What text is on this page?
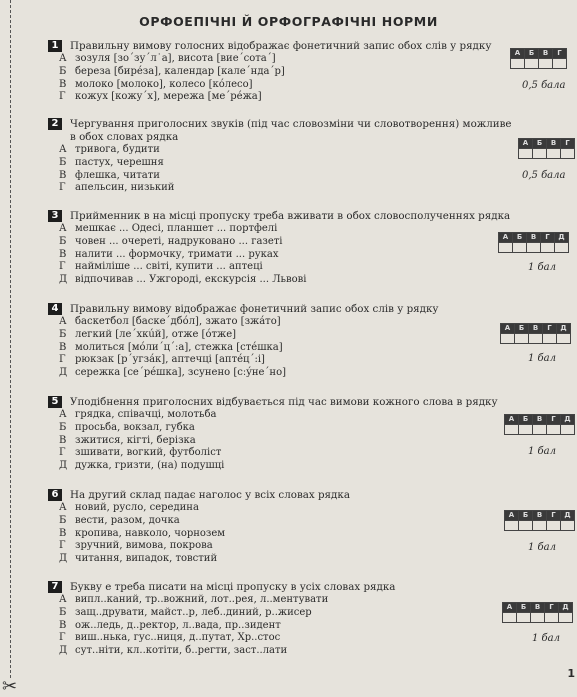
✂
ОРФОЕПІЧНІ Й ОРФОГРАФІЧНІ НОРМИ
1	Правильну вимову голосних відображає фонетичний запис обох слів у рядку
А зозуля [зоˊзуˊл˙а], висота [виеˊсотаˊ]
Б береза [бирéза], календар [калеˊндаˊр]
В молоко [молоко], колесо [кóлесо]
Г кожух [кожуˊх], мережа [меˊрéжа]
2	Чергування приголосних звуків (під час словозміни чи словотворення) можливе в обох словах рядка
А тривога, будити
Б пастух, черешня
В флешка, читати
Г апельсин, низький
3	Прийменник в на місці пропуску треба вживати в обох словосполученнях рядка
А мешкає ... Одесі, планшет ... портфелі
Б човен ... очереті, надруковано ... газеті
В налити ... формочку, тримати ... руках
Г найміліше ... світі, купити ... аптеці
Д відпочивав ... Ужгороді, екскурсія ... Львові
4	Правильну вимову відображає фонетичний запис обох слів у рядку
А баскетбол [баскеˊдбóл], зжато [зжáто]
Б легкий [леˊхкúй], отже [óтже]
В молиться [мóлиˊцˊ:а], стежка [стéшка]
Г рюкзак [рˊугзáк], аптечці [аптéцˊ:і]
Д сережка [сеˊрéшка], зсунено [сːýнеˊно]
5	Уподібнення приголосних відбувається під час вимови кожного слова в рядку
А грядка, співачці, молотьба
Б просьба, вокзал, губка
В зжитися, кігті, берізка
Г зшивати, вогкий, футболіст
Д дужка, гризти, (на) подушці
6	На другий склад падає наголос у всіх словах рядка
А новий, русло, середина
Б вести, разом, дочка
В кропива, навколо, чорнозем
Г зручний, вимова, покрова
Д читання, випадок, товстий
7	Букву е треба писати на місці пропуску в усіх словах рядка
А випл..каний, тр..вожний, лот..рея, л..ментувати
Б защ..друвати, майст..р, леб..диний, р..жисер
В ож..ледь, д..ректор, л..вада, пр..зидент
Г виш..нька, гус..ниця, д..путат, Хр..стос
Д сут..ніти, кл..котіти, б..регти, заст..лати
1
А	Б	В	Г

0,5 бала
А	Б	В	Г

0,5 бала
А	Б	В	Г	Д

1 бал
А	Б	В	Г	Д

1 бал
А	Б	В	Г	Д

1 бал
А	Б	В	Г	Д

1 бал
А	Б	В	Г	Д

1 бал
